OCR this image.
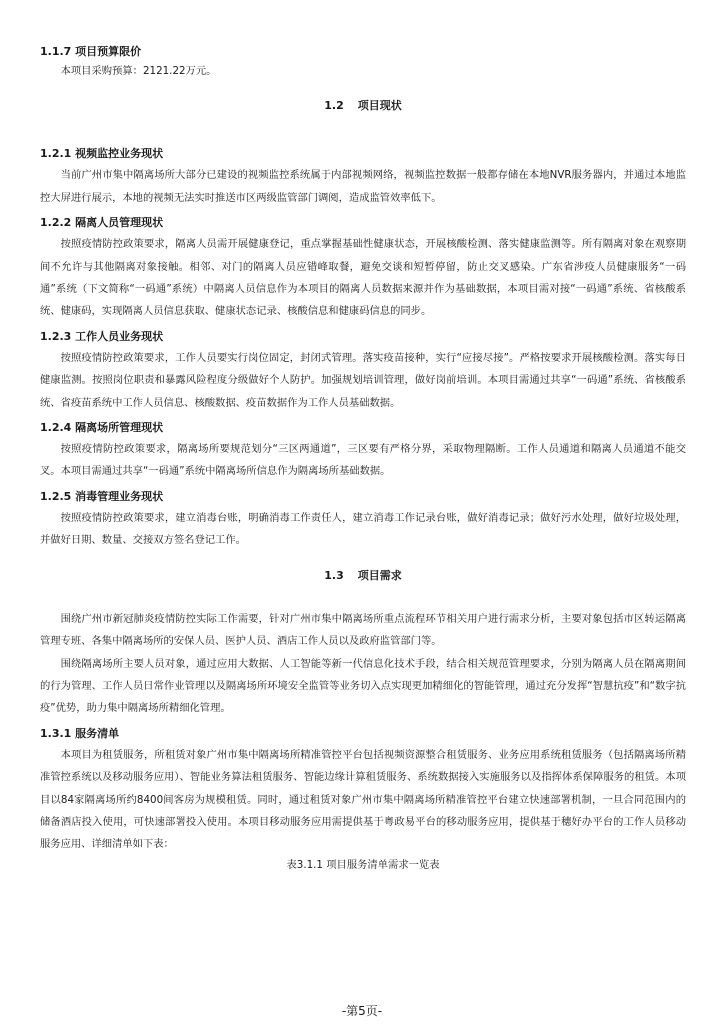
1.1.7 项目预算限价
本项目采购预算：2121.22万元。
1.2 项目现状
1.2.1 视频监控业务现状
当前广州市集中隔离场所大部分已建设的视频监控系统属于内部视频网络，视频监控数据一般都存储在本地NVR服务器内，并通过本地监控大屏进行展示，本地的视频无法实时推送市区两级监管部门调阅，造成监管效率低下。
1.2.2 隔离人员管理现状
按照疫情防控政策要求，隔离人员需开展健康登记，重点掌握基础性健康状态，开展核酸检测、落实健康监测等。所有隔离对象在观察期间不允许与其他隔离对象接触。相邻、对门的隔离人员应错峰取餐，避免交谈和短暂停留，防止交叉感染。广东省涉疫人员健康服务“一码通”系统（下文简称“一码通”系统）中隔离人员信息作为本项目的隔离人员数据来源并作为基础数据，本项目需对接“一码通”系统、省核酸系统、健康码，实现隔离人员信息获取、健康状态记录、核酸信息和健康码信息的同步。
1.2.3 工作人员业务现状
按照疫情防控政策要求，工作人员要实行岗位固定，封闭式管理。落实疫苗接种，实行“应接尽接”。严格按要求开展核酸检测。落实每日健康监测。按照岗位职责和暴露风险程度分级做好个人防护。加强规划培训管理，做好岗前培训。本项目需通过共享“一码通”系统、省核酸系统、省疫苗系统中工作人员信息、核酸数据、疫苗数据作为工作人员基础数据。
1.2.4 隔离场所管理现状
按照疫情防控政策要求，隔离场所要规范划分“三区两通道”，三区要有严格分界，采取物理隔断。工作人员通道和隔离人员通道不能交叉。本项目需通过共享“一码通”系统中隔离场所信息作为隔离场所基础数据。
1.2.5 消毒管理业务现状
按照疫情防控政策要求，建立消毒台账，明确消毒工作责任人，建立消毒工作记录台账，做好消毒记录；做好污水处理，做好垃圾处理，并做好日期、数量、交接双方签名登记工作。
1.3 项目需求
围绕广州市新冠肺炎疫情防控实际工作需要，针对广州市集中隔离场所重点流程环节相关用户进行需求分析，主要对象包括市区转运隔离管理专班、各集中隔离场所的安保人员、医护人员、酒店工作人员以及政府监管部门等。
围绕隔离场所主要人员对象，通过应用大数据、人工智能等新一代信息化技术手段，结合相关规范管理要求，分别为隔离人员在隔离期间的行为管理、工作人员日常作业管理以及隔离场所环境安全监管等业务切入点实现更加精细化的智能管理，通过充分发挥“智慧抗疫”和“数字抗疫”优势，助力集中隔离场所精细化管理。
1.3.1 服务清单
本项目为租赁服务，所租赁对象广州市集中隔离场所精准管控平台包括视频资源整合租赁服务、业务应用系统租赁服务（包括隔离场所精准管控系统以及移动服务应用）、智能业务算法租赁服务、智能边缘计算租赁服务、系统数据接入实施服务以及指挥体系保障服务的租赁。本项目以84家隔离场所约8400间客房为规模租赁。同时，通过租赁对象广州市集中隔离场所精准管控平台建立快速部署机制，一旦合同范围内的储备酒店投入使用，可快速部署投入使用。本项目移动服务应用需提供基于粤政易平台的移动服务应用，提供基于穗好办平台的工作人员移动服务应用、详细清单如下表：
表3.1.1 项目服务清单需求一览表
-第5页-
